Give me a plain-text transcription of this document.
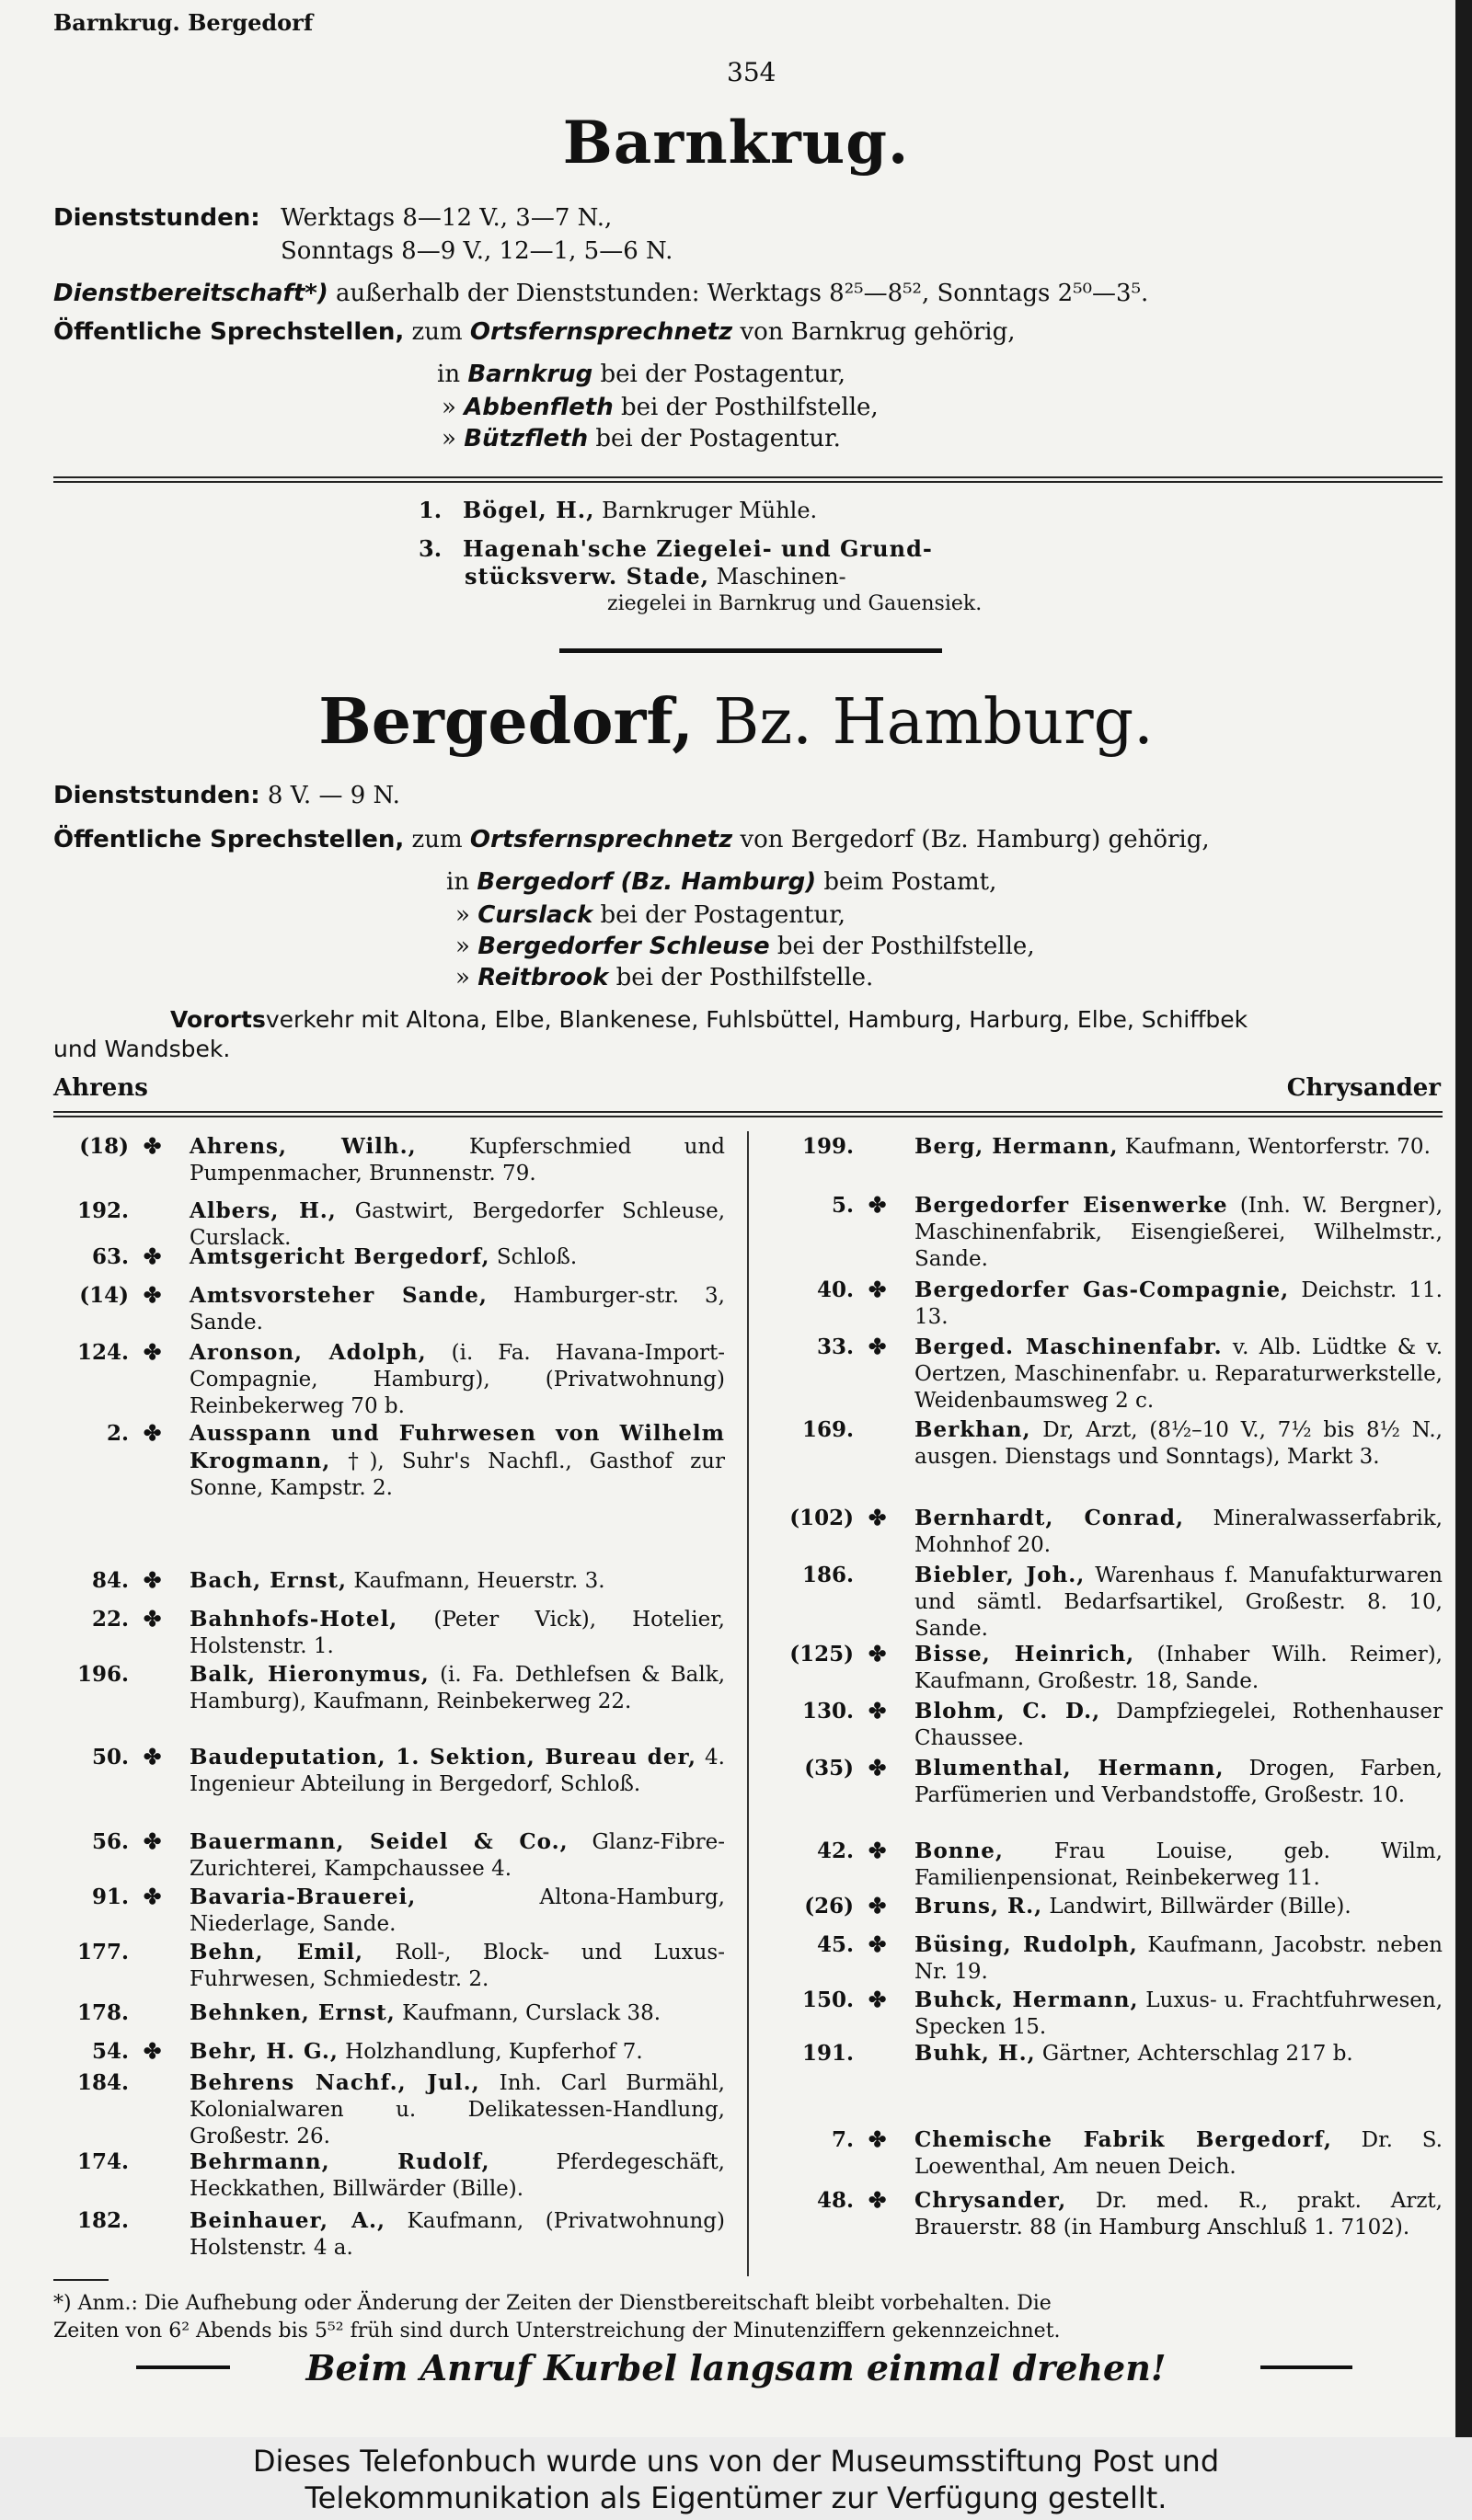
Barnkrug. Bergedorf
354
Barnkrug.
Dienststunden: Werktags 8—12 V., 3—7 N.,
Sonntags 8—9 V., 12—1, 5—6 N.
Dienstbereitschaft*) außerhalb der Dienststunden: Werktags 8²⁵—8⁵², Sonntags 2⁵⁰—3⁵.
Öffentliche Sprechstellen, zum Ortsfernsprechnetz von Barnkrug gehörig,
in Barnkrug bei der Postagentur,
» Abbenfleth bei der Posthilfstelle,
» Bützfleth bei der Postagentur.
1. Bögel, H., Barnkruger Mühle.
3. Hagenah'sche Ziegelei- und Grund-
stücksverw. Stade, Maschinen-
ziegelei in Barnkrug und Gauensiek.
Bergedorf, Bz. Hamburg.
Dienststunden: 8 V. — 9 N.
Öffentliche Sprechstellen, zum Ortsfernsprechnetz von Bergedorf (Bz. Hamburg) gehörig,
in Bergedorf (Bz. Hamburg) beim Postamt,
» Curslack bei der Postagentur,
» Bergedorfer Schleuse bei der Posthilfstelle,
» Reitbrook bei der Posthilfstelle.
Vorortsverkehr mit Altona, Elbe, Blankenese, Fuhlsbüttel, Hamburg, Harburg, Elbe, Schiffbek
und Wandsbek.
Ahrens	Chrysander
(18) ✤ Ahrens, Wilh., Kupferschmied und Pumpenmacher, Brunnenstr. 79.
192.	Albers, H., Gastwirt, Bergedorfer Schleuse, Curslack.
63. ✤ Amtsgericht Bergedorf, Schloß.
(14) ✤ Amtsvorsteher Sande, Hamburger-str. 3, Sande.
124. ✤ Aronson, Adolph, (i. Fa. Havana-Import-Compagnie, Hamburg), (Privatwohnung) Reinbekerweg 70 b.
2. ✤ Ausspann und Fuhrwesen von Wilhelm Krogmann, †), Suhr's Nachfl., Gasthof zur Sonne, Kampstr. 2.
84. ✤ Bach, Ernst, Kaufmann, Heuerstr. 3.
22. ✤ Bahnhofs-Hotel, (Peter Vick), Hotelier, Holstenstr. 1.
196.	Balk, Hieronymus, (i. Fa. Dethlefsen & Balk, Hamburg), Kaufmann, Reinbekerweg 22.
50. ✤ Baudeputation, 1. Sektion, Bureau der, 4. Ingenieur Abteilung in Bergedorf, Schloß.
56. ✤ Bauermann, Seidel & Co., Glanz-Fibre-Zurichterei, Kampchaussee 4.
91. ✤ Bavaria-Brauerei, Altona-Hamburg, Niederlage, Sande.
177.	Behn, Emil, Roll-, Block- und Luxus-Fuhrwesen, Schmiedestr. 2.
178.	Behnken, Ernst, Kaufmann, Curslack 38.
54. ✤ Behr, H. G., Holzhandlung, Kupferhof 7.
184.	Behrens Nachf., Jul., Inh. Carl Burmähl, Kolonialwaren u. Delikatessen-Handlung, Großestr. 26.
174.	Behrmann, Rudolf, Pferdegeschäft, Heckkathen, Billwärder (Bille).
182.	Beinhauer, A., Kaufmann, (Privatwohnung) Holstenstr. 4 a.
199.	Berg, Hermann, Kaufmann, Wentorferstr. 70.
5. ✤ Bergedorfer Eisenwerke (Inh. W. Bergner), Maschinenfabrik, Eisengießerei, Wilhelmstr., Sande.
40. ✤ Bergedorfer Gas-Compagnie, Deichstr. 11. 13.
33. ✤ Berged. Maschinenfabr. v. Alb. Lüdtke & v. Oertzen, Maschinenfabr. u. Reparaturwerkstelle, Weidenbaumsweg 2 c.
169.	Berkhan, Dr, Arzt, (8½–10 V., 7½ bis 8½ N., ausgen. Dienstags und Sonntags), Markt 3.
(102) ✤ Bernhardt, Conrad, Mineralwasserfabrik, Mohnhof 20.
186.	Biebler, Joh., Warenhaus f. Manufakturwaren und sämtl. Bedarfsartikel, Großestr. 8. 10, Sande.
(125) ✤ Bisse, Heinrich, (Inhaber Wilh. Reimer), Kaufmann, Großestr. 18, Sande.
130. ✤ Blohm, C. D., Dampfziegelei, Rothenhauser Chaussee.
(35) ✤ Blumenthal, Hermann, Drogen, Farben, Parfümerien und Verbandstoffe, Großestr. 10.
42. ✤ Bonne, Frau Louise, geb. Wilm, Familienpensionat, Reinbekerweg 11.
(26) ✤ Bruns, R., Landwirt, Billwärder (Bille).
45. ✤ Büsing, Rudolph, Kaufmann, Jacobstr. neben Nr. 19.
150. ✤ Buhck, Hermann, Luxus- u. Frachtfuhrwesen, Specken 15.
191.	Buhk, H., Gärtner, Achterschlag 217 b.
7. ✤ Chemische Fabrik Bergedorf, Dr. S. Loewenthal, Am neuen Deich.
48. ✤ Chrysander, Dr. med. R., prakt. Arzt, Brauerstr. 88 (in Hamburg Anschluß 1. 7102).
*) Anm.: Die Aufhebung oder Änderung der Zeiten der Dienstbereitschaft bleibt vorbehalten. Die
Zeiten von 6² Abends bis 5⁵² früh sind durch Unterstreichung der Minutenziffern gekennzeichnet.
Beim Anruf Kurbel langsam einmal drehen!
Dieses Telefonbuch wurde uns von der Museumsstiftung Post und
Telekommunikation als Eigentümer zur Verfügung gestellt.
